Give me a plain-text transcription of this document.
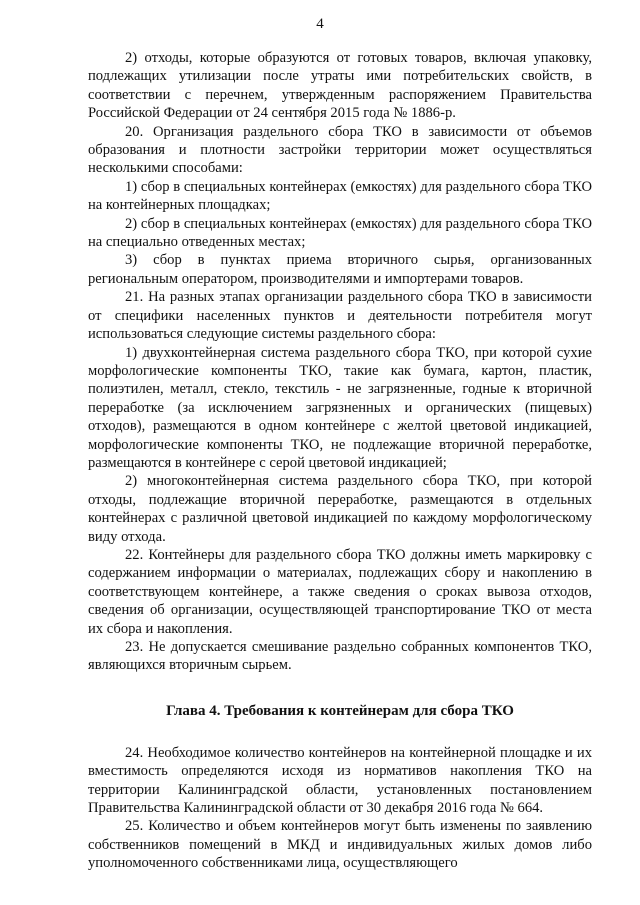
4

2) отходы, которые образуются от готовых товаров, включая упаковку, подлежащих утилизации после утраты ими потребительских свойств, в соответствии с перечнем, утвержденным распоряжением Правительства Российской Федерации от 24 сентября 2015 года № 1886-р.

20. Организация раздельного сбора ТКО в зависимости от объемов образования и плотности застройки территории может осуществляться несколькими способами:

1) сбор в специальных контейнерах (емкостях) для раздельного сбора ТКО на контейнерных площадках;

2) сбор в специальных контейнерах (емкостях) для раздельного сбора ТКО на специально отведенных местах;

3) сбор в пунктах приема вторичного сырья, организованных региональным оператором, производителями и импортерами товаров.

21. На разных этапах организации раздельного сбора ТКО в зависимости от специфики населенных пунктов и деятельности потребителя могут использоваться следующие системы раздельного сбора:

1) двухконтейнерная система раздельного сбора ТКО, при которой сухие морфологические компоненты ТКО, такие как бумага, картон, пластик, полиэтилен, металл, стекло, текстиль - не загрязненные, годные к вторичной переработке (за исключением загрязненных и органических (пищевых) отходов), размещаются в одном контейнере с желтой цветовой индикацией, морфологические компоненты ТКО, не подлежащие вторичной переработке, размещаются в контейнере с серой цветовой индикацией;

2) многоконтейнерная система раздельного сбора ТКО, при которой отходы, подлежащие вторичной переработке, размещаются в отдельных контейнерах с различной цветовой индикацией по каждому морфологическому виду отхода.

22. Контейнеры для раздельного сбора ТКО должны иметь маркировку с содержанием информации о материалах, подлежащих сбору и накоплению в соответствующем контейнере, а также сведения о сроках вывоза отходов, сведения об организации, осуществляющей транспортирование ТКО от места их сбора и накопления.

23. Не допускается смешивание раздельно собранных компонентов ТКО, являющихся вторичным сырьем.

Глава 4. Требования к контейнерам для сбора ТКО

24. Необходимое количество контейнеров на контейнерной площадке и их вместимость определяются исходя из нормативов накопления ТКО на территории Калининградской области, установленных постановлением Правительства Калининградской области от 30 декабря 2016 года № 664.

25. Количество и объем контейнеров могут быть изменены по заявлению собственников помещений в МКД и индивидуальных жилых домов либо уполномоченного собственниками лица, осуществляющего
